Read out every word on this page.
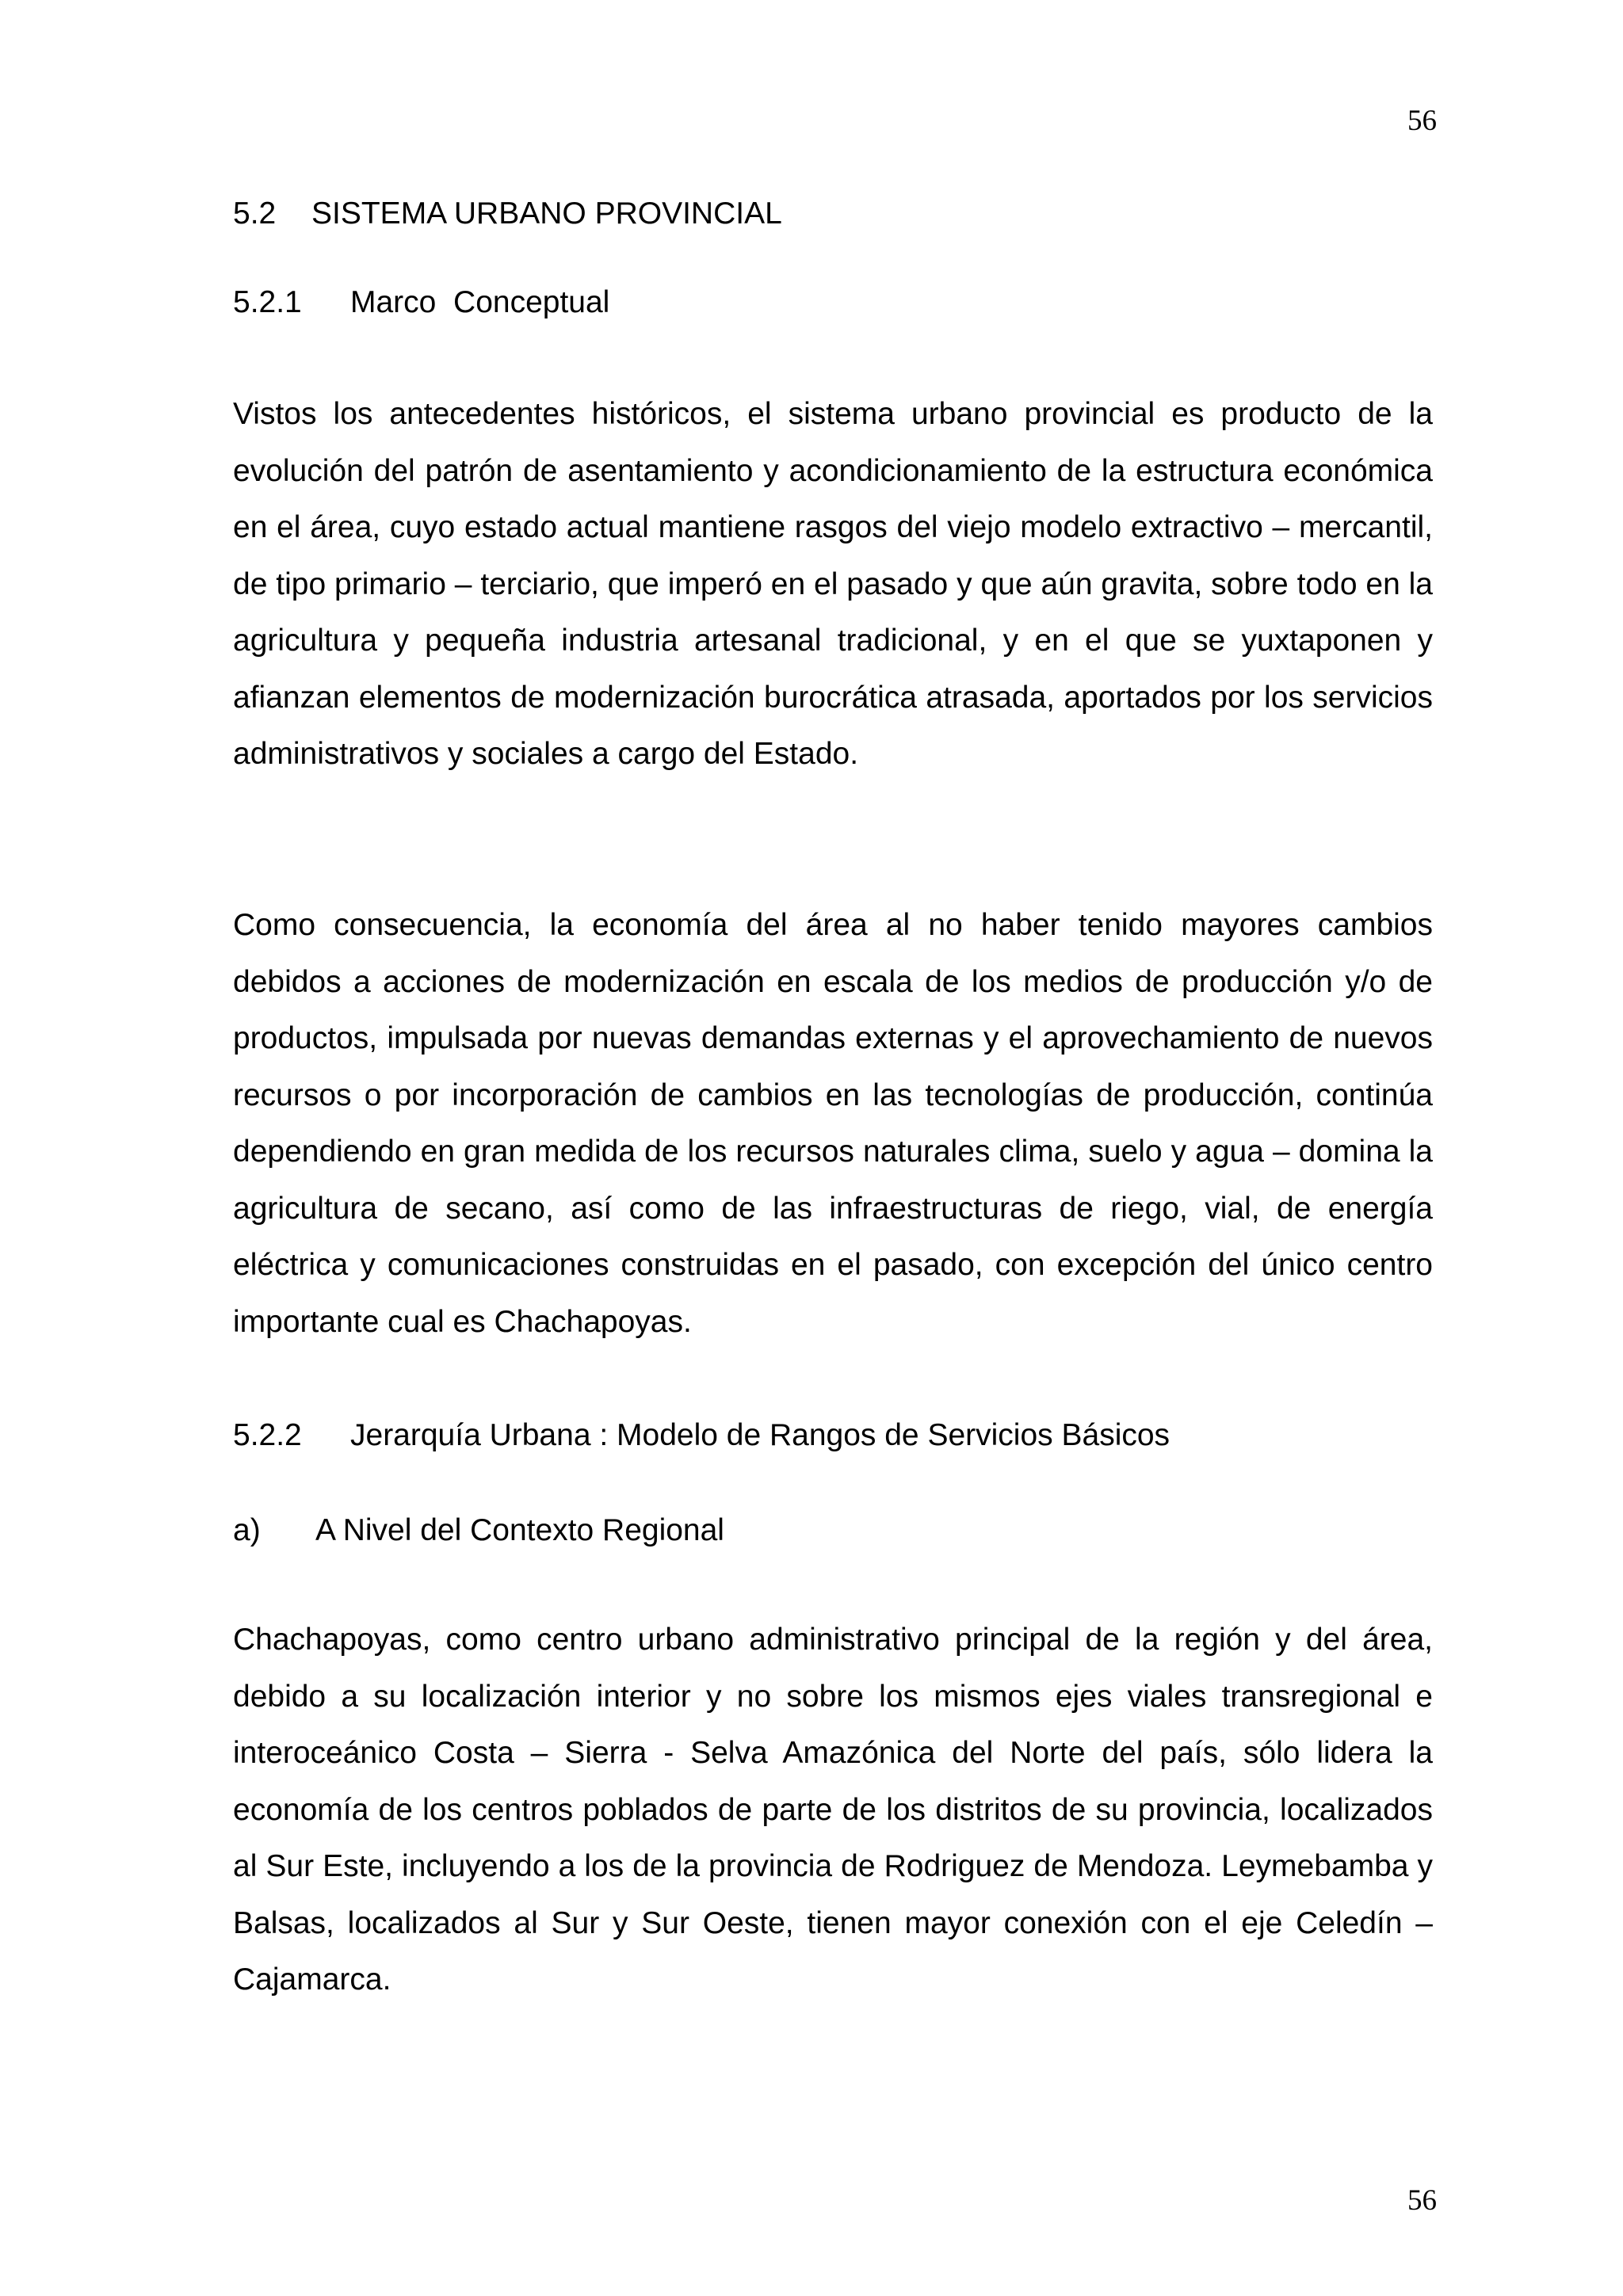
56
5.2 SISTEMA URBANO PROVINCIAL
5.2.1 Marco  Conceptual

Vistos los antecedentes históricos, el sistema urbano provincial es producto de la evolución del patrón de asentamiento y acondicionamiento de la estructura económica en el área, cuyo estado actual mantiene rasgos del viejo modelo extractivo – mercantil, de tipo primario – terciario, que imperó en el pasado y que aún gravita, sobre todo en la agricultura y pequeña industria artesanal tradicional, y en el que se yuxtaponen y afianzan elementos de modernización burocrática atrasada, aportados por los servicios administrativos y sociales a cargo del Estado.

Como consecuencia, la economía del área al no haber tenido mayores cambios debidos a acciones de modernización en escala de los medios de producción y/o de productos, impulsada por nuevas demandas externas y el aprovechamiento de nuevos recursos o por incorporación de cambios en las tecnologías de producción, continúa dependiendo en gran medida de los recursos naturales clima, suelo y agua – domina la agricultura de secano, así como de las infraestructuras de riego, vial, de energía eléctrica y comunicaciones construidas en el pasado, con excepción del único centro importante cual es Chachapoyas.

5.2.2 Jerarquía Urbana : Modelo de Rangos de Servicios Básicos
a) A Nivel del Contexto Regional

Chachapoyas, como centro urbano administrativo principal de la región y del área, debido a su localización interior y no sobre los mismos ejes viales transregional e interoceánico Costa – Sierra - Selva Amazónica del Norte del país, sólo lidera la economía de los centros poblados de parte de los distritos de su provincia, localizados al Sur Este, incluyendo a los de la provincia de Rodriguez de Mendoza. Leymebamba y Balsas, localizados al Sur y Sur Oeste, tienen mayor conexión con el eje Celedín – Cajamarca.

56
